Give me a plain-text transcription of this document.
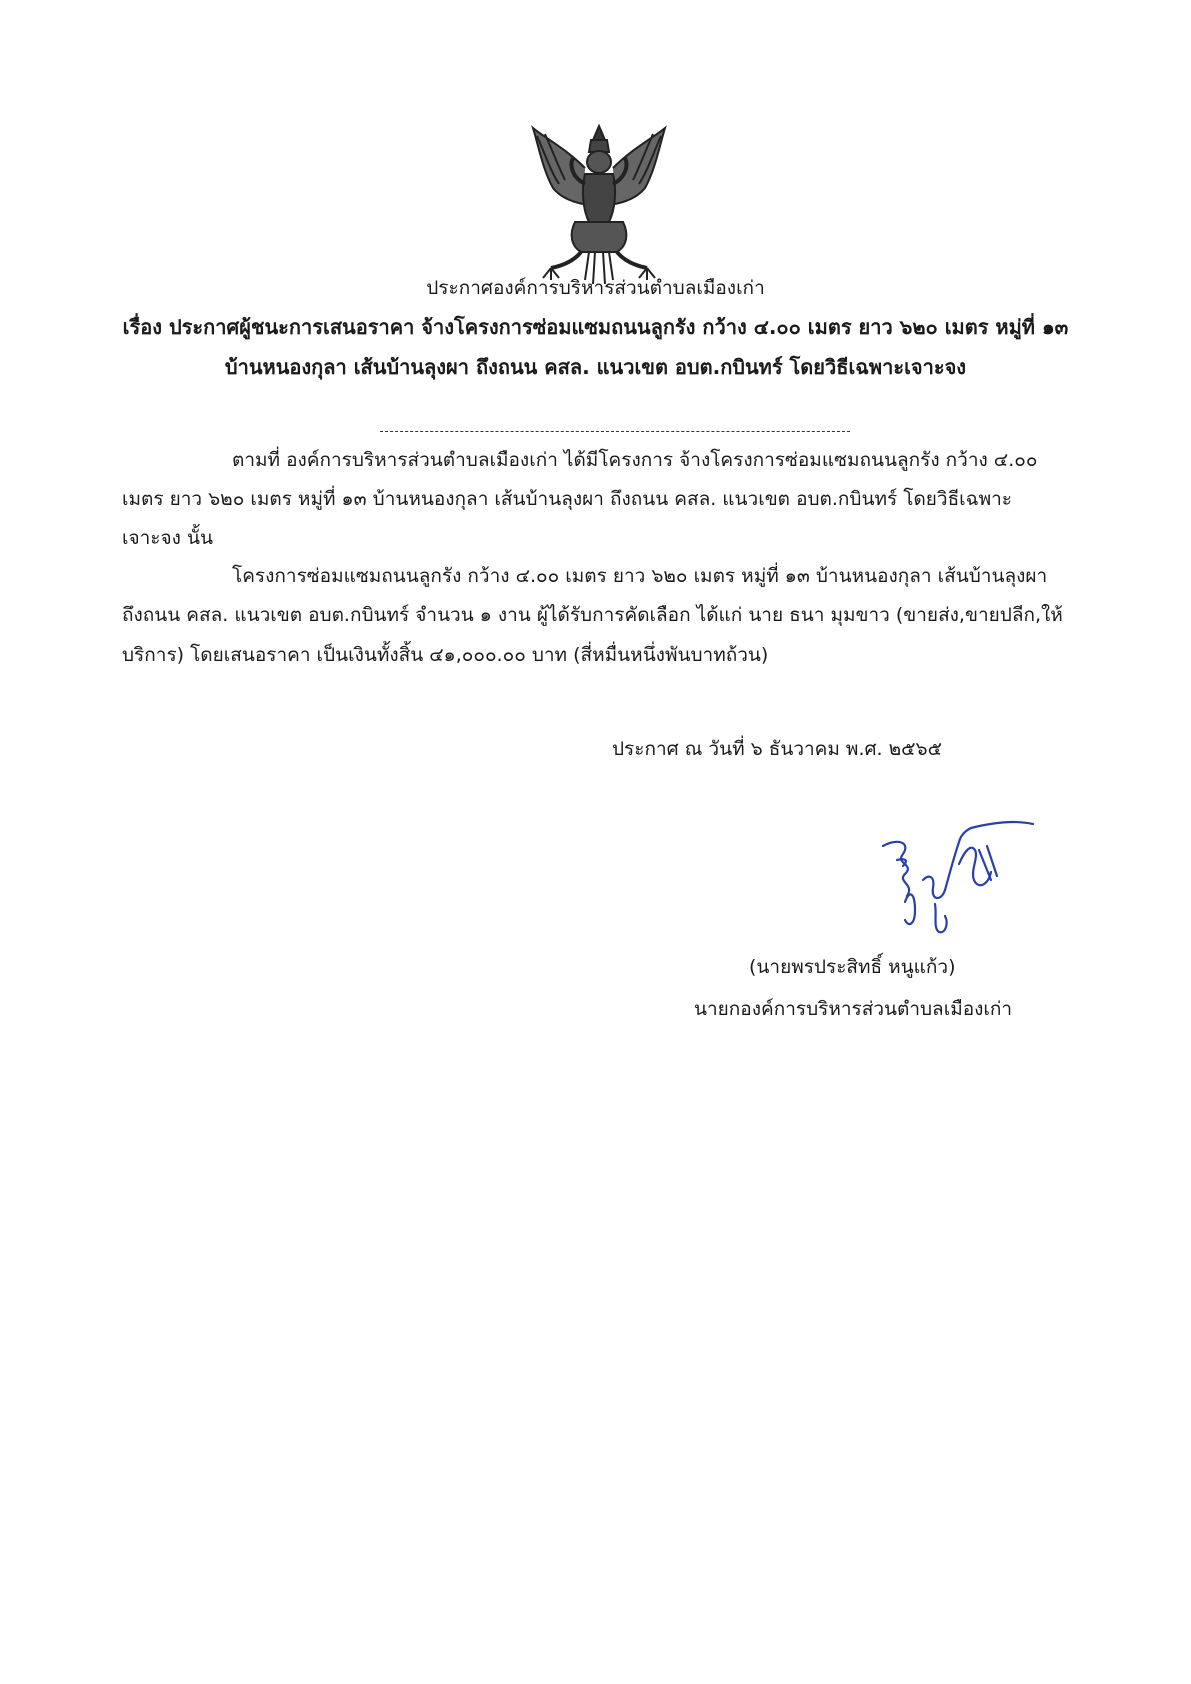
ประกาศองค์การบริหารส่วนตำบลเมืองเก่า
เรื่อง ประกาศผู้ชนะการเสนอราคา จ้างโครงการซ่อมแซมถนนลูกรัง กว้าง ๔.๐๐ เมตร ยาว ๖๒๐ เมตร หมู่ที่ ๑๓
บ้านหนองกุลา เส้นบ้านลุงผา ถึงถนน คสล. แนวเขต อบต.กบินทร์ โดยวิธีเฉพาะเจาะจง
ตามที่ องค์การบริหารส่วนตำบลเมืองเก่า ได้มีโครงการ จ้างโครงการซ่อมแซมถนนลูกรัง กว้าง ๔.๐๐
เมตร ยาว ๖๒๐ เมตร หมู่ที่ ๑๓ บ้านหนองกุลา เส้นบ้านลุงผา ถึงถนน คสล. แนวเขต อบต.กบินทร์ โดยวิธีเฉพาะ
เจาะจง นั้น
โครงการซ่อมแซมถนนลูกรัง กว้าง ๔.๐๐ เมตร ยาว ๖๒๐ เมตร หมู่ที่ ๑๓ บ้านหนองกุลา เส้นบ้านลุงผา
ถึงถนน คสล. แนวเขต อบต.กบินทร์ จำนวน ๑ งาน ผู้ได้รับการคัดเลือก ได้แก่ นาย ธนา มุมขาว (ขายส่ง,ขายปลีก,ให้
บริการ) โดยเสนอราคา เป็นเงินทั้งสิ้น ๔๑,๐๐๐.๐๐ บาท (สี่หมื่นหนึ่งพันบาทถ้วน)
ประกาศ ณ วันที่ ๖ ธันวาคม พ.ศ. ๒๕๖๕
(นายพรประสิทธิ์ หนูแก้ว)
นายกองค์การบริหารส่วนตำบลเมืองเก่า
